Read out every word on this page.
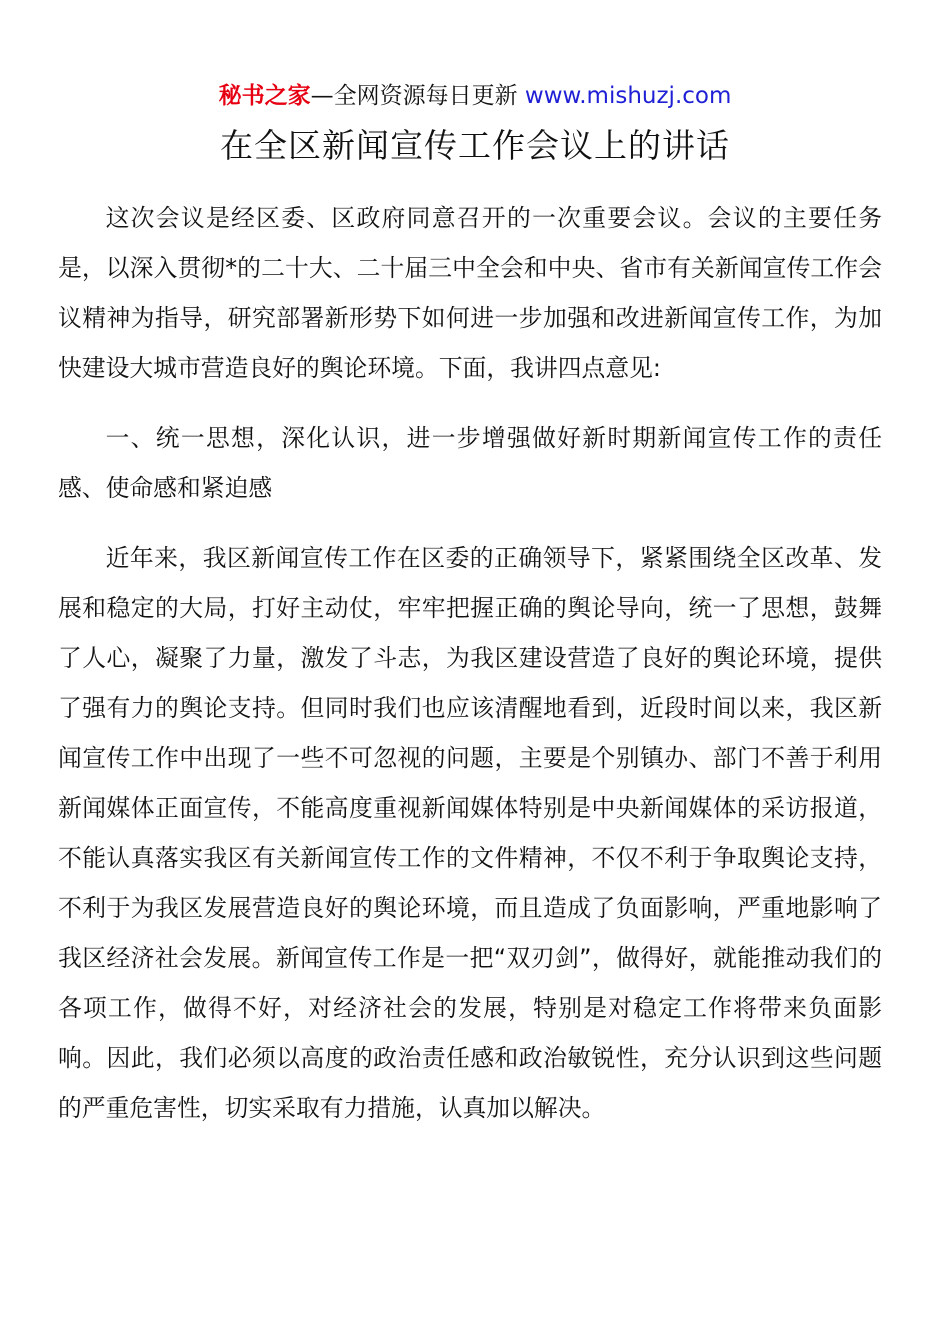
秘书之家—全网资源每日更新 www.mishuzj.com
在全区新闻宣传工作会议上的讲话

这次会议是经区委、区政府同意召开的一次重要会议。会议的主要任务是，以深入贯彻*的二十大、二十届三中全会和中央、省市有关新闻宣传工作会议精神为指导，研究部署新形势下如何进一步加强和改进新闻宣传工作，为加快建设大城市营造良好的舆论环境。下面，我讲四点意见:

一、统一思想，深化认识，进一步增强做好新时期新闻宣传工作的责任感、使命感和紧迫感

近年来，我区新闻宣传工作在区委的正确领导下，紧紧围绕全区改革、发展和稳定的大局，打好主动仗，牢牢把握正确的舆论导向，统一了思想，鼓舞了人心，凝聚了力量，激发了斗志，为我区建设营造了良好的舆论环境，提供了强有力的舆论支持。但同时我们也应该清醒地看到，近段时间以来，我区新闻宣传工作中出现了一些不可忽视的问题，主要是个别镇办、部门不善于利用新闻媒体正面宣传，不能高度重视新闻媒体特别是中央新闻媒体的采访报道，不能认真落实我区有关新闻宣传工作的文件精神，不仅不利于争取舆论支持，不利于为我区发展营造良好的舆论环境，而且造成了负面影响，严重地影响了我区经济社会发展。新闻宣传工作是一把“双刃剑”，做得好，就能推动我们的各项工作，做得不好，对经济社会的发展，特别是对稳定工作将带来负面影响。因此，我们必须以高度的政治责任感和政治敏锐性，充分认识到这些问题的严重危害性，切实采取有力措施，认真加以解决。
